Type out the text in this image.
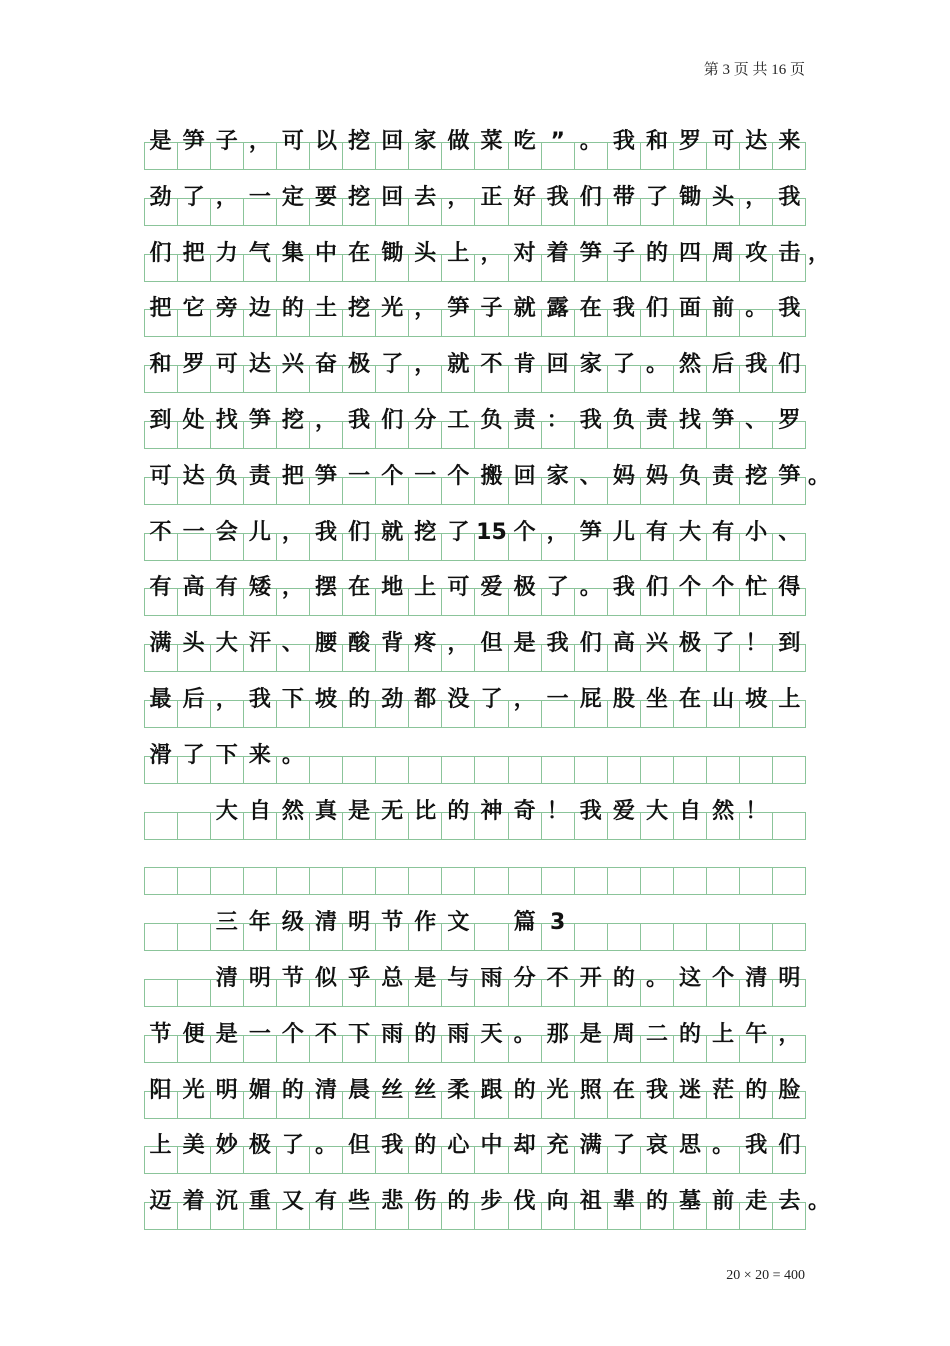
第 3 页 共 16 页
是 笋 子 ， 可 以 挖 回 家 做 菜 吃 ” 。 我 和 罗 可 达 来
劲 了 ， 一 定 要 挖 回 去 ， 正 好 我 们 带 了 锄 头 ， 我
们 把 力 气 集 中 在 锄 头 上 ， 对 着 笋 子 的 四 周 攻 击 ，
把 它 旁 边 的 土 挖 光 ， 笋 子 就 露 在 我 们 面 前 。 我
和 罗 可 达 兴 奋 极 了 ， 就 不 肯 回 家 了 。 然 后 我 们
到 处 找 笋 挖 ， 我 们 分 工 负 责 ： 我 负 责 找 笋 、 罗
可 达 负 责 把 笋 一 个 一 个 搬 回 家 、 妈 妈 负 责 挖 笋 。
不 一 会 儿 ， 我 们 就 挖 了 15 个 ， 笋 儿 有 大 有 小 、
有 高 有 矮 ， 摆 在 地 上 可 爱 极 了 。 我 们 个 个 忙 得
满 头 大 汗 、 腰 酸 背 疼 ， 但 是 我 们 高 兴 极 了 ！ 到
最 后 ， 我 下 坡 的 劲 都 没 了 ， 一 屁 股 坐 在 山 坡 上
滑 了 下 来 。
大 自 然 真 是 无 比 的 神 奇 ！ 我 爱 大 自 然 ！
三 年 级 清 明 节 作 文 篇 3
清 明 节 似 乎 总 是 与 雨 分 不 开 的 。 这 个 清 明
节 便 是 一 个 不 下 雨 的 雨 天 。 那 是 周 二 的 上 午 ，
阳 光 明 媚 的 清 晨 丝 丝 柔 跟 的 光 照 在 我 迷 茫 的 脸
上 美 妙 极 了 。 但 我 的 心 中 却 充 满 了 哀 思 。 我 们
迈 着 沉 重 又 有 些 悲 伤 的 步 伐 向 祖 辈 的 墓 前 走 去 。
20 × 20 = 400
